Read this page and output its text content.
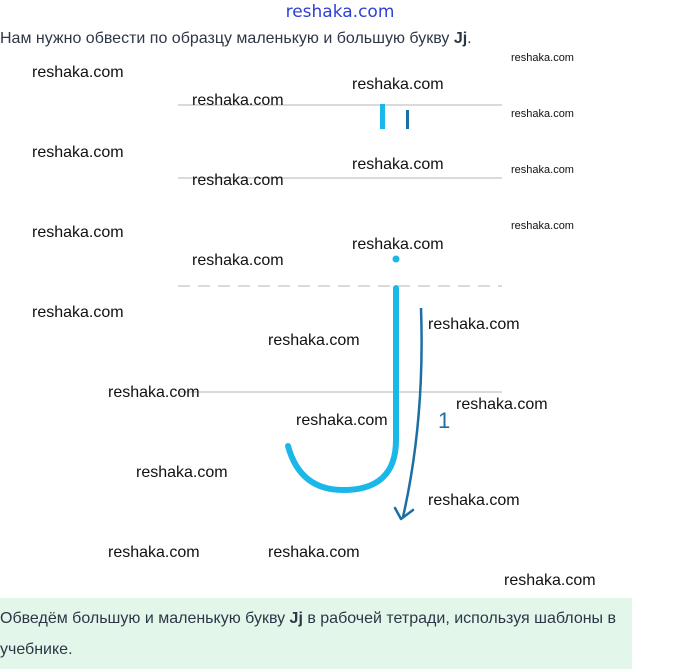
reshaka.com
Нам нужно обвести по образцу маленькую и большую букву Jj.
1
reshaka.com
reshaka.com
reshaka.com
reshaka.com
reshaka.com
reshaka.com
reshaka.com	reshaka.com
reshaka.com
reshaka.com
reshaka.com
reshaka.com
reshaka.com
reshaka.com
reshaka.com
reshaka.com
reshaka.com
reshaka.com
reshaka.com
reshaka.com
reshaka.com
reshaka.com	reshaka.com
reshaka.com
Обведём большую и маленькую букву Jj в рабочей тетради, используя шаблоны в учебнике.
